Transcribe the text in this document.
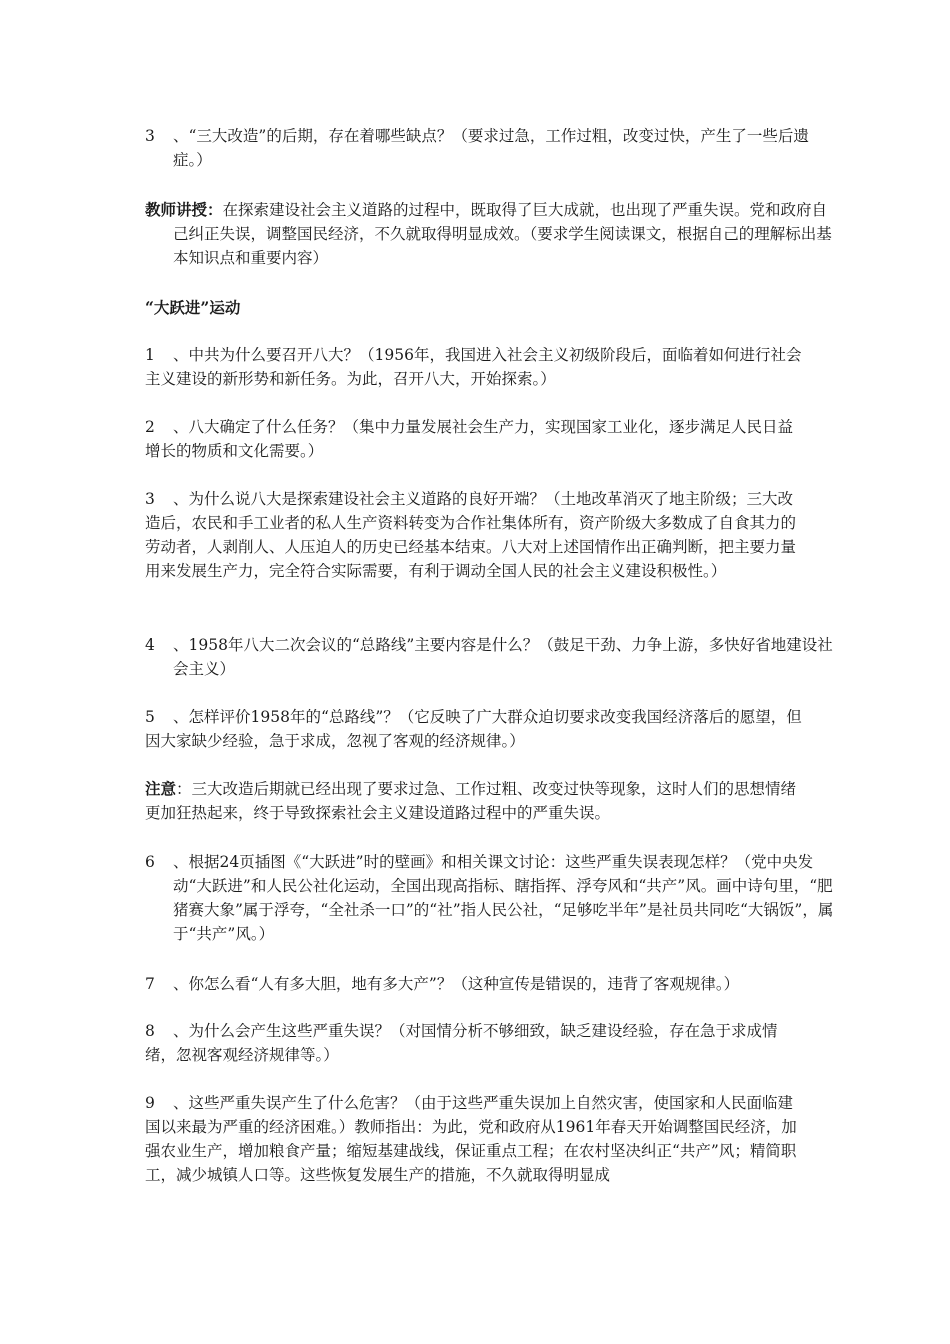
3 、“三大改造”的后期，存在着哪些缺点？（要求过急，工作过粗，改变过快，产生了一些后遗症。）

教师讲授：在探索建设社会主义道路的过程中，既取得了巨大成就，也出现了严重失误。党和政府自己纠正失误，调整国民经济，不久就取得明显成效。（要求学生阅读课文，根据自己的理解标出基本知识点和重要内容）

“大跃进”运动

1 、中共为什么要召开八大？（1956年，我国进入社会主义初级阶段后，面临着如何进行社会主义建设的新形势和新任务。为此，召开八大，开始探索。）

2 、八大确定了什么任务？（集中力量发展社会生产力，实现国家工业化，逐步满足人民日益增长的物质和文化需要。）

3 、为什么说八大是探索建设社会主义道路的良好开端？（土地改革消灭了地主阶级；三大改造后，农民和手工业者的私人生产资料转变为合作社集体所有，资产阶级大多数成了自食其力的劳动者，人剥削人、人压迫人的历史已经基本结束。八大对上述国情作出正确判断，把主要力量用来发展生产力，完全符合实际需要，有利于调动全国人民的社会主义建设积极性。）

4 、1958年八大二次会议的“总路线”主要内容是什么？（鼓足干劲、力争上游，多快好省地建设社会主义）

5 、怎样评价1958年的“总路线”？（它反映了广大群众迫切要求改变我国经济落后的愿望，但因大家缺少经验，急于求成，忽视了客观的经济规律。）

注意：三大改造后期就已经出现了要求过急、工作过粗、改变过快等现象，这时人们的思想情绪更加狂热起来，终于导致探索社会主义建设道路过程中的严重失误。

6 、根据24页插图《“大跃进”时的壁画》和相关课文讨论：这些严重失误表现怎样？（党中央发动“大跃进”和人民公社化运动，全国出现高指标、瞎指挥、浮夸风和“共产”风。画中诗句里，“肥猪赛大象”属于浮夸，“全社杀一口”的“社”指人民公社，“足够吃半年”是社员共同吃“大锅饭”，属于“共产”风。）

7 、你怎么看“人有多大胆，地有多大产”？（这种宣传是错误的，违背了客观规律。）

8 、为什么会产生这些严重失误？（对国情分析不够细致，缺乏建设经验，存在急于求成情绪，忽视客观经济规律等。）

9 、这些严重失误产生了什么危害？（由于这些严重失误加上自然灾害，使国家和人民面临建国以来最为严重的经济困难。）教师指出：为此，党和政府从1961年春天开始调整国民经济，加强农业生产，增加粮食产量；缩短基建战线，保证重点工程；在农村坚决纠正“共产”风；精简职工，减少城镇人口等。这些恢复发展生产的措施，不久就取得明显成
